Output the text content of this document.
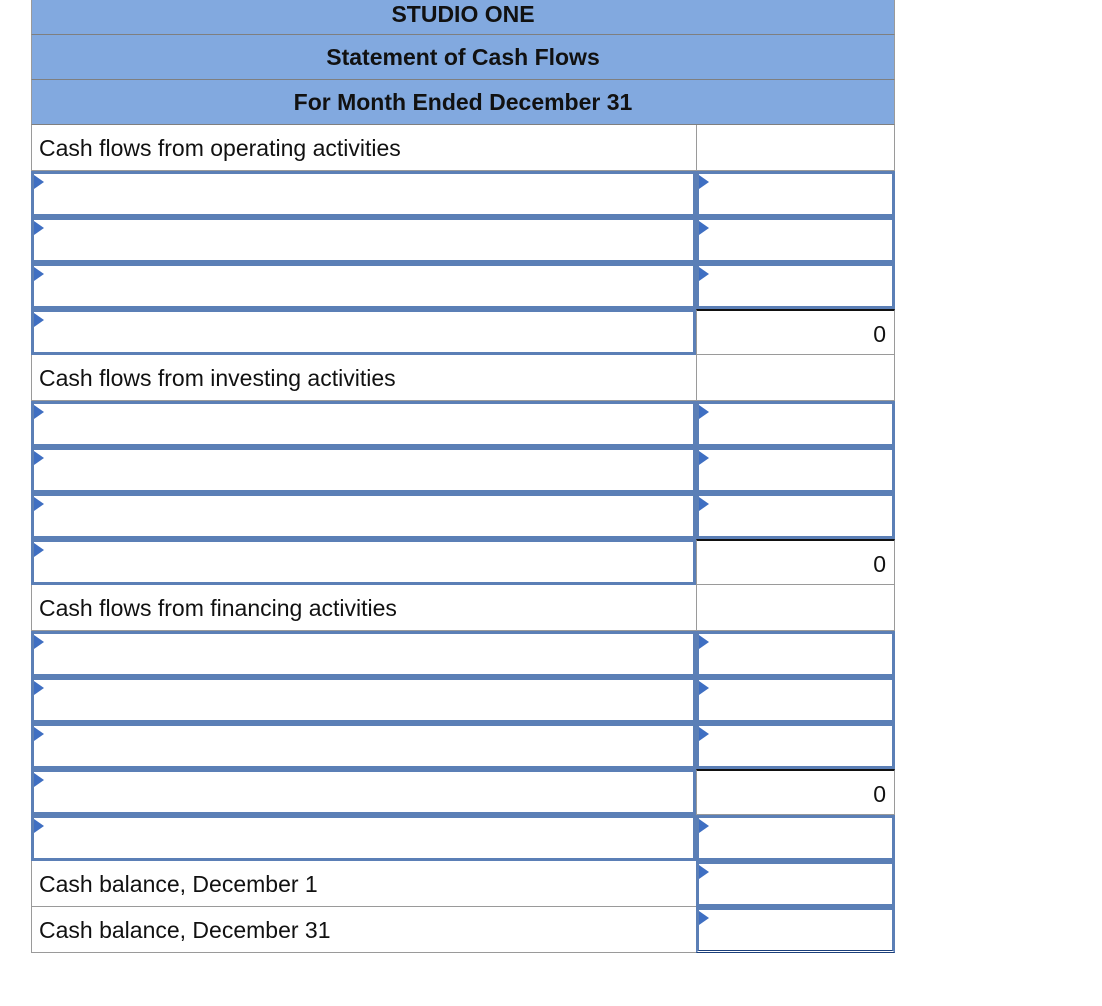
STUDIO ONE
Statement of Cash Flows
For Month Ended December 31
Cash flows from operating activities
0
Cash flows from investing activities
0
Cash flows from financing activities
0
Cash balance, December 1
Cash balance, December 31
